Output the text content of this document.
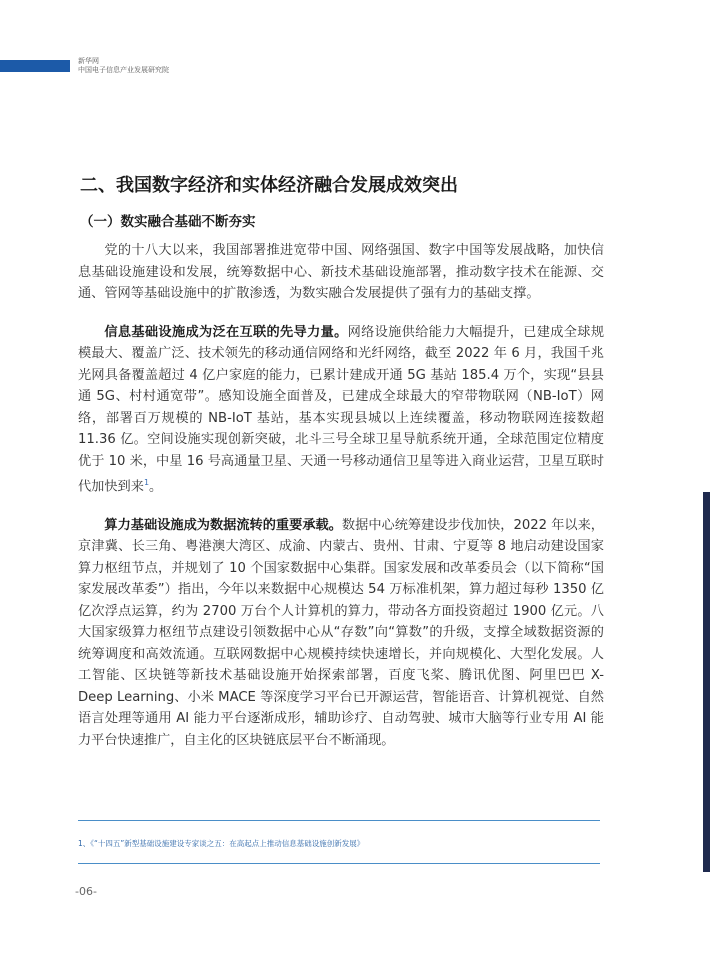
新华网
中国电子信息产业发展研究院
二、我国数字经济和实体经济融合发展成效突出
（一）数实融合基础不断夯实

党的十八大以来，我国部署推进宽带中国、网络强国、数字中国等发展战略，加快信息基础设施建设和发展，统筹数据中心、新技术基础设施部署，推动数字技术在能源、交通、管网等基础设施中的扩散渗透，为数实融合发展提供了强有力的基础支撑。

信息基础设施成为泛在互联的先导力量。网络设施供给能力大幅提升，已建成全球规模最大、覆盖广泛、技术领先的移动通信网络和光纤网络，截至 2022 年 6 月，我国千兆光网具备覆盖超过 4 亿户家庭的能力，已累计建成开通 5G 基站 185.4 万个，实现“县县通 5G、村村通宽带”。感知设施全面普及，已建成全球最大的窄带物联网（NB-IoT）网络，部署百万规模的 NB-IoT 基站，基本实现县城以上连续覆盖，移动物联网连接数超 11.36 亿。空间设施实现创新突破，北斗三号全球卫星导航系统开通，全球范围定位精度优于 10 米，中星 16 号高通量卫星、天通一号移动通信卫星等进入商业运营，卫星互联时代加快到来$^1$。

算力基础设施成为数据流转的重要承载。数据中心统筹建设步伐加快，2022 年以来，京津冀、长三角、粤港澳大湾区、成渝、内蒙古、贵州、甘肃、宁夏等 8 地启动建设国家算力枢纽节点，并规划了 10 个国家数据中心集群。国家发展和改革委员会（以下简称“国家发展改革委”）指出，今年以来数据中心规模达 54 万标准机架，算力超过每秒 1350 亿亿次浮点运算，约为 2700 万台个人计算机的算力，带动各方面投资超过 1900 亿元。八大国家级算力枢纽节点建设引领数据中心从“存数”向“算数”的升级，支撑全域数据资源的统筹调度和高效流通。互联网数据中心规模持续快速增长，并向规模化、大型化发展。人工智能、区块链等新技术基础设施开始探索部署，百度飞桨、腾讯优图、阿里巴巴 X-Deep Learning、小米 MACE 等深度学习平台已开源运营，智能语音、计算机视觉、自然语言处理等通用 AI 能力平台逐渐成形，辅助诊疗、自动驾驶、城市大脑等行业专用 AI 能力平台快速推广，自主化的区块链底层平台不断涌现。

1、《“十四五”新型基础设施建设专家谈之五：在高起点上推动信息基础设施创新发展》
-06-
